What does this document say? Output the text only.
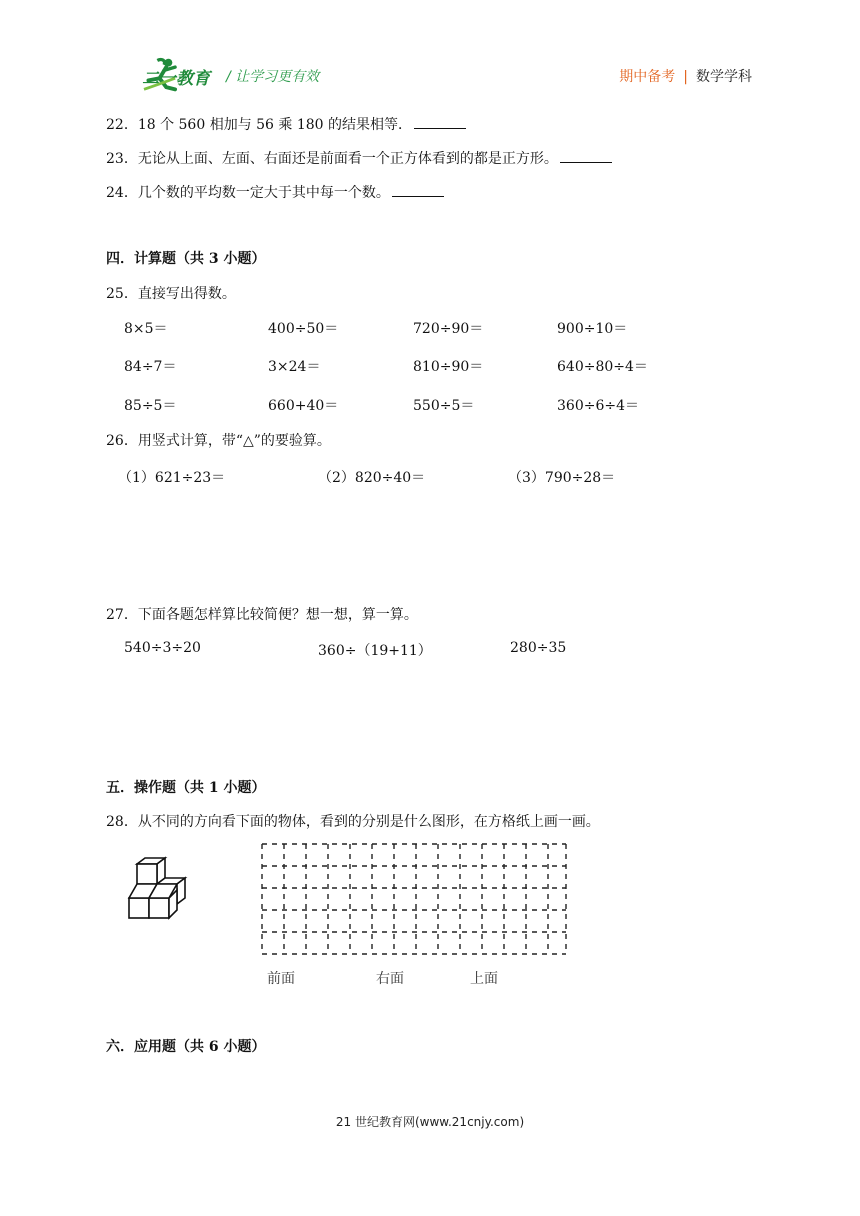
二一教育 / 让学习更有效	期中备考 | 数学学科
22．18 个 560 相加与 56 乘 180 的结果相等．
23．无论从上面、左面、右面还是前面看一个正方体看到的都是正方形。
24．几个数的平均数一定大于其中每一个数。
四．计算题（共 3 小题）
25．直接写出得数。
8×5＝	400÷50＝	720÷90＝	900÷10＝
84÷7＝	3×24＝	810÷90＝	640÷80÷4＝
85÷5＝	660+40＝	550÷5＝	360÷6÷4＝
26．用竖式计算，带“△”的要验算。
（1）621÷23＝	（2）820÷40＝	（3）790÷28＝
27．下面各题怎样算比较简便？想一想，算一算。
540÷3÷20	360÷（19+11）	280÷35
五．操作题（共 1 小题）
28．从不同的方向看下面的物体，看到的分别是什么图形，在方格纸上画一画。
前面	右面	上面
六．应用题（共 6 小题）
21 世纪教育网(www.21cnjy.com)
